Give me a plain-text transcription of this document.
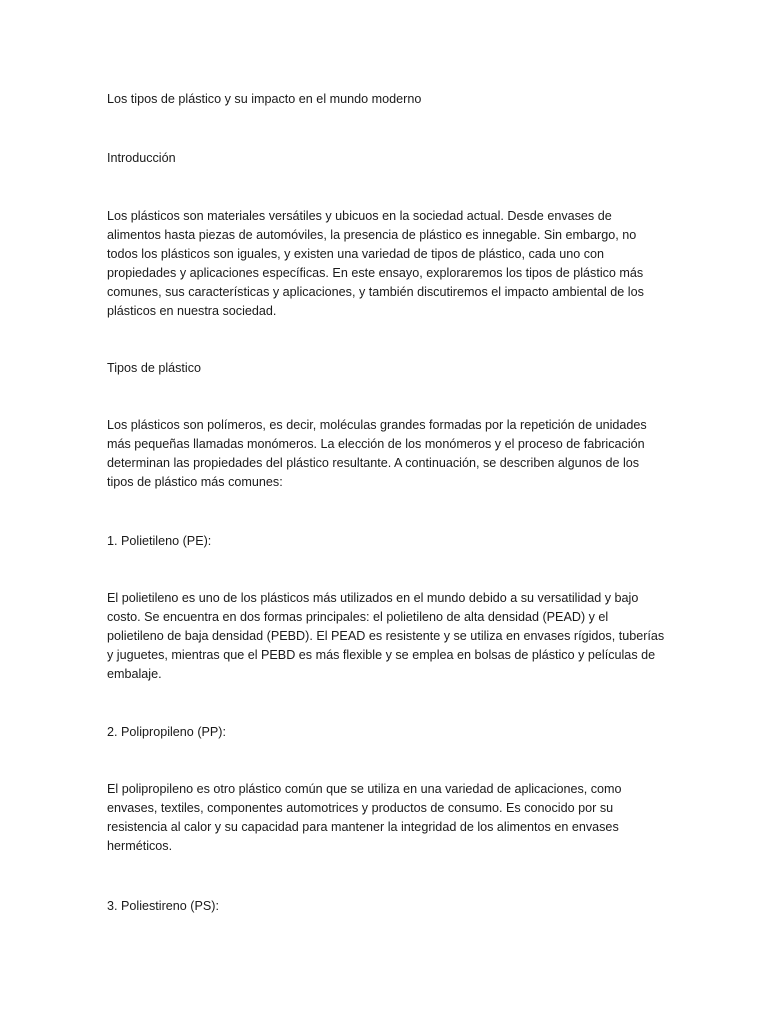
Los tipos de plástico y su impacto en el mundo moderno

Introducción

Los plásticos son materiales versátiles y ubicuos en la sociedad actual. Desde envases de alimentos hasta piezas de automóviles, la presencia de plástico es innegable. Sin embargo, no todos los plásticos son iguales, y existen una variedad de tipos de plástico, cada uno con propiedades y aplicaciones específicas. En este ensayo, exploraremos los tipos de plástico más comunes, sus características y aplicaciones, y también discutiremos el impacto ambiental de los plásticos en nuestra sociedad.

Tipos de plástico

Los plásticos son polímeros, es decir, moléculas grandes formadas por la repetición de unidades más pequeñas llamadas monómeros. La elección de los monómeros y el proceso de fabricación determinan las propiedades del plástico resultante. A continuación, se describen algunos de los tipos de plástico más comunes:

1. Polietileno (PE):

El polietileno es uno de los plásticos más utilizados en el mundo debido a su versatilidad y bajo costo. Se encuentra en dos formas principales: el polietileno de alta densidad (PEAD) y el polietileno de baja densidad (PEBD). El PEAD es resistente y se utiliza en envases rígidos, tuberías y juguetes, mientras que el PEBD es más flexible y se emplea en bolsas de plástico y películas de embalaje.

2. Polipropileno (PP):

El polipropileno es otro plástico común que se utiliza en una variedad de aplicaciones, como envases, textiles, componentes automotrices y productos de consumo. Es conocido por su resistencia al calor y su capacidad para mantener la integridad de los alimentos en envases herméticos.

3. Poliestireno (PS):
